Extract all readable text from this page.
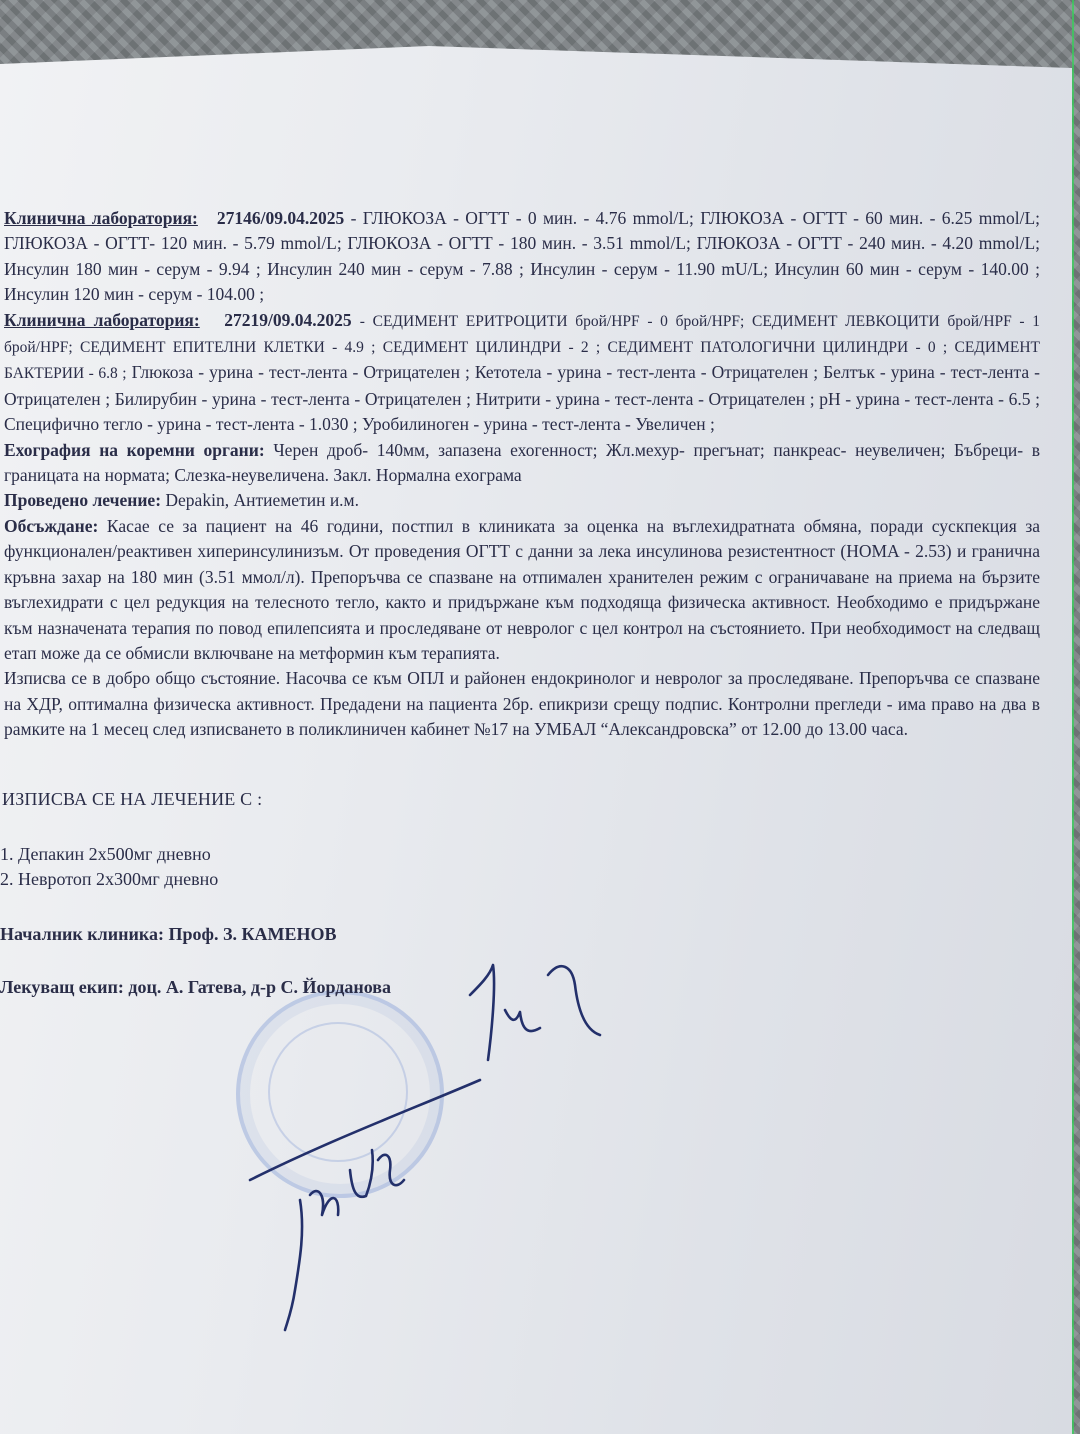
Клинична лаборатория: 27146/09.04.2025 - ГЛЮКОЗА - ОГТТ - 0 мин. - 4.76 mmol/L; ГЛЮКОЗА - ОГТТ - 60 мин. - 6.25 mmol/L; ГЛЮКОЗА - ОГТТ- 120 мин. - 5.79 mmol/L; ГЛЮКОЗА - ОГТТ - 180 мин. - 3.51 mmol/L; ГЛЮКОЗА - ОГТТ - 240 мин. - 4.20 mmol/L; Инсулин 180 мин - серум - 9.94 ; Инсулин 240 мин - серум - 7.88 ; Инсулин - серум - 11.90 mU/L; Инсулин 60 мин - серум - 140.00 ; Инсулин 120 мин - серум - 104.00 ;

Клинична лаборатория: 27219/09.04.2025 - СЕДИМЕНТ ЕРИТРОЦИТИ брой/HPF - 0 брой/HPF; СЕДИМЕНТ ЛЕВКОЦИТИ брой/HPF - 1 брой/HPF; СЕДИМЕНТ ЕПИТЕЛНИ КЛЕТКИ - 4.9 ; СЕДИМЕНТ ЦИЛИНДРИ - 2 ; СЕДИМЕНТ ПАТОЛОГИЧНИ ЦИЛИНДРИ - 0 ; СЕДИМЕНТ БАКТЕРИИ - 6.8 ; Глюкоза - урина - тест-лента - Отрицателен ; Кетотела - урина - тест-лента - Отрицателен ; Белтък - урина - тест-лента - Отрицателен ; Билирубин - урина - тест-лента - Отрицателен ; Нитрити - урина - тест-лента - Отрицателен ; pH - урина - тест-лента - 6.5 ; Специфично тегло - урина - тест-лента - 1.030 ; Уробилиноген - урина - тест-лента - Увеличен ;

Ехография на коремни органи: Черен дроб- 140мм, запазена ехогенност; Жл.мехур- прегънат; панкреас- неувеличен; Бъбреци- в границата на нормата; Слезка-неувеличена. Закл. Нормална ехограма

Проведено лечение: Depakin, Антиеметин и.м.

Обсъждане: Касае се за пациент на 46 години, постпил в клиниката за оценка на въглехидратната обмяна, поради сускпекция за функционален/реактивен хиперинсулинизъм. От проведения ОГТТ с данни за лека инсулинова резистентност (HOMA - 2.53) и гранична кръвна захар на 180 мин (3.51 ммол/л). Препоръчва се спазване на отпимален хранителен режим с ограничаване на приема на бързите въглехидрати с цел редукция на телесното тегло, както и придържане към подходяща физическа активност. Необходимо е придържане към назначената терапия по повод епилепсията и проследяване от невролог с цел контрол на състоянието. При необходимост на следващ етап може да се обмисли включване на метформин към терапията.

Изписва се в добро общо състояние. Насочва се към ОПЛ и районен ендокринолог и невролог за проследяване. Препоръчва се спазване на ХДР, оптимална физическа активност. Предадени на пациента 2бр. епикризи срещу подпис. Контролни прегледи - има право на два в рамките на 1 месец след изписването в поликлиничен кабинет №17 на УМБАЛ “Александровска” от 12.00 до 13.00 часа.

ИЗПИСВА СЕ НА ЛЕЧЕНИЕ С :
1. Депакин 2х500мг дневно
2. Невротоп 2х300мг дневно
Началник клиника: Проф. З. КАМЕНОВ
Лекуващ екип: доц. А. Гатева, д-р С. Йорданова
